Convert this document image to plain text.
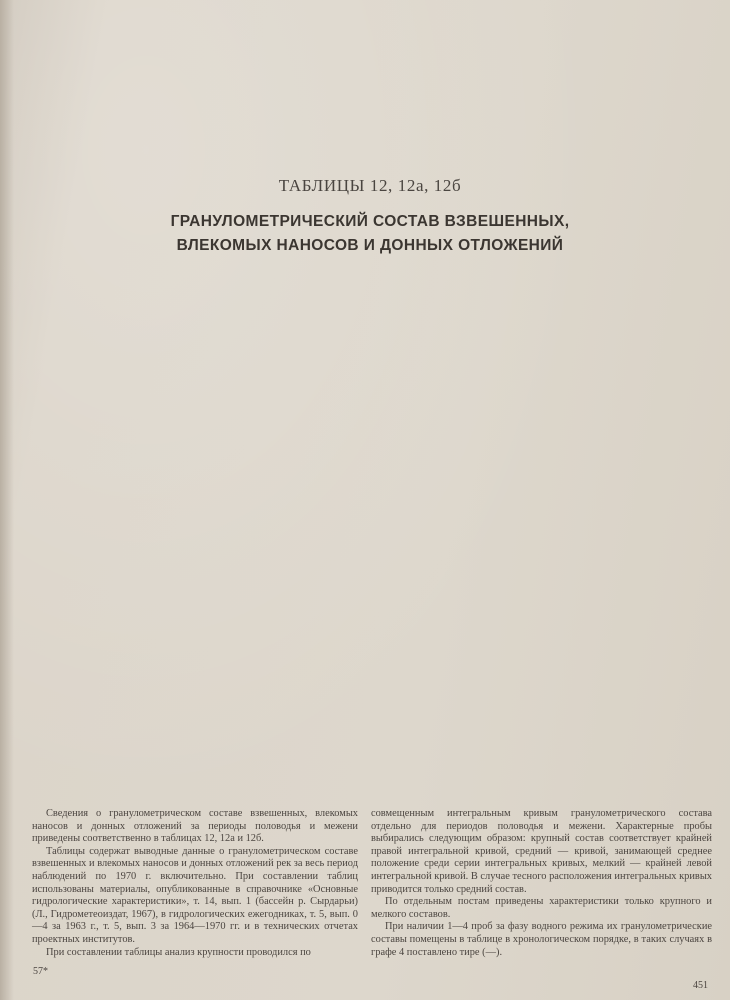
ТАБЛИЦЫ 12, 12а, 12б
ГРАНУЛОМЕТРИЧЕСКИЙ СОСТАВ ВЗВЕШЕННЫХ,
ВЛЕКОМЫХ НАНОСОВ И ДОННЫХ ОТЛОЖЕНИЙ

Сведения о гранулометрическом составе взвешенных, влекомых наносов и донных отложений за периоды половодья и межени приведены соответственно в таблицах 12, 12а и 12б.

Таблицы содержат выводные данные о гранулометрическом составе взвешенных и влекомых наносов и донных отложений рек за весь период наблюдений по 1970 г. включительно. При составлении таблиц использованы материалы, опубликованные в справочнике «Основные гидрологические характеристики», т. 14, вып. 1 (бассейн р. Сырдарьи) (Л., Гидрометеоиздат, 1967), в гидрологических ежегодниках, т. 5, вып. 0—4 за 1963 г., т. 5, вып. 3 за 1964—1970 гг. и в технических отчетах проектных институтов.

При составлении таблицы анализ крупности проводился по

совмещенным интегральным кривым гранулометрического состава отдельно для периодов половодья и межени. Характерные пробы выбирались следующим образом: крупный состав соответствует крайней правой интегральной кривой, средний — кривой, занимающей среднее положение среди серии интегральных кривых, мелкий — крайней левой интегральной кривой. В случае тесного расположения интегральных кривых приводится только средний состав.

По отдельным постам приведены характеристики только крупного и мелкого составов.

При наличии 1—4 проб за фазу водного режима их гранулометрические составы помещены в таблице в хронологическом порядке, в таких случаях в графе 4 поставлено тире (—).

57*
451
